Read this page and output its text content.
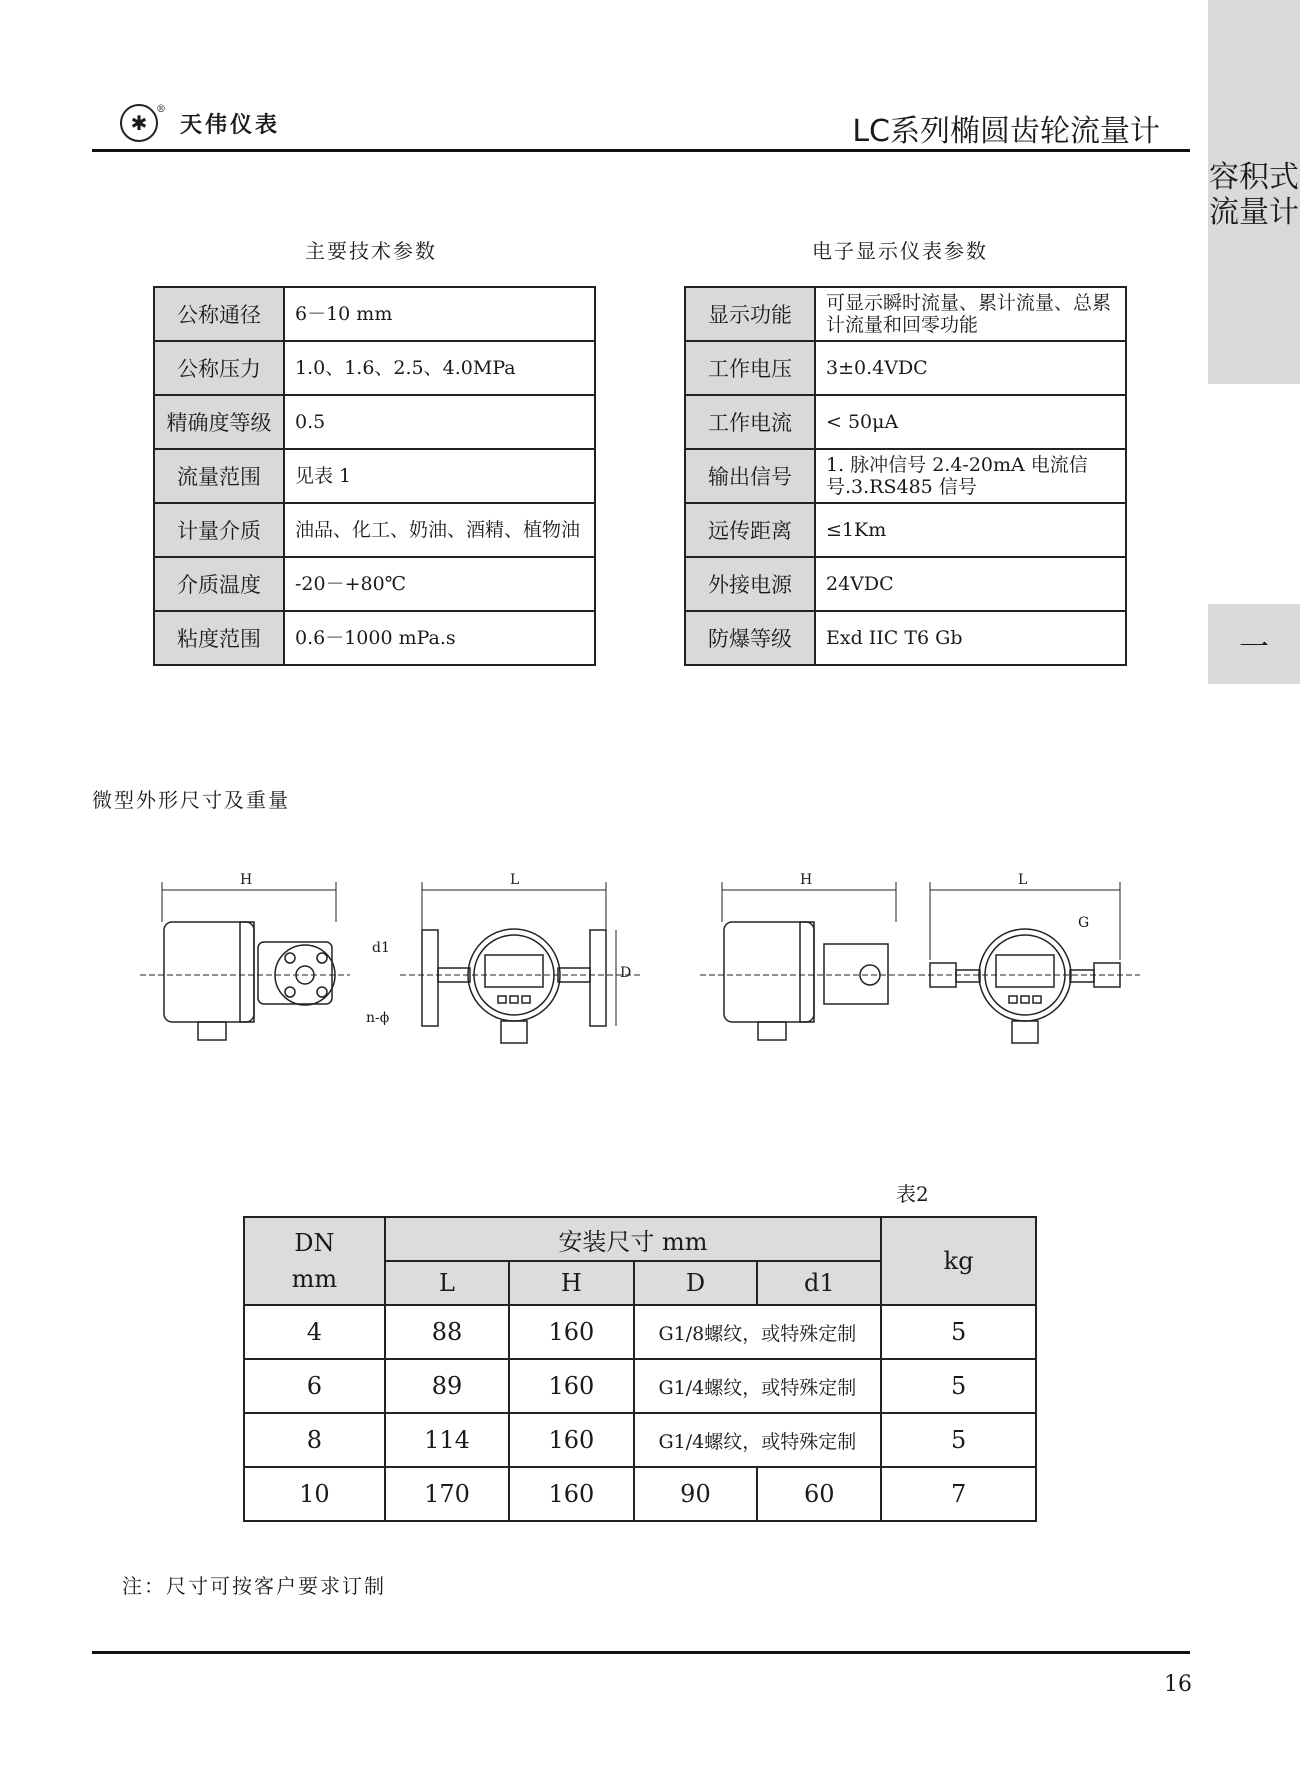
✱
®
天伟仪表	LC系列椭圆齿轮流量计
容积式流量计
一
主要技术参数	电子显示仪表参数
公称通径	6－10 mm
公称压力	1.0、1.6、2.5、4.0MPa
精确度等级	0.5
流量范围	见表 1
计量介质	油品、化工、奶油、酒精、植物油
介质温度	-20－+80℃
粘度范围	0.6－1000 mPa.s
显示功能	可显示瞬时流量、累计流量、总累计流量和回零功能
工作电压	3±0.4VDC
工作电流	< 50μA
输出信号	1. 脉冲信号 2.4-20mA 电流信号.3.RS485 信号
远传距离	≤1Km
外接电源	24VDC
防爆等级	Exd IIC T6 Gb
微型外形尺寸及重量
H	L
d1
n-ϕ
D
H	L
G
表2
DN
mm	安装尺寸 mm				kg
	L	H	D	d1	
4	88	160	G1/8螺纹，或特殊定制		5
6	89	160	G1/4螺纹，或特殊定制		5
8	114	160	G1/4螺纹，或特殊定制		5
10	170	160	90	60	7
注：尺寸可按客户要求订制
16
